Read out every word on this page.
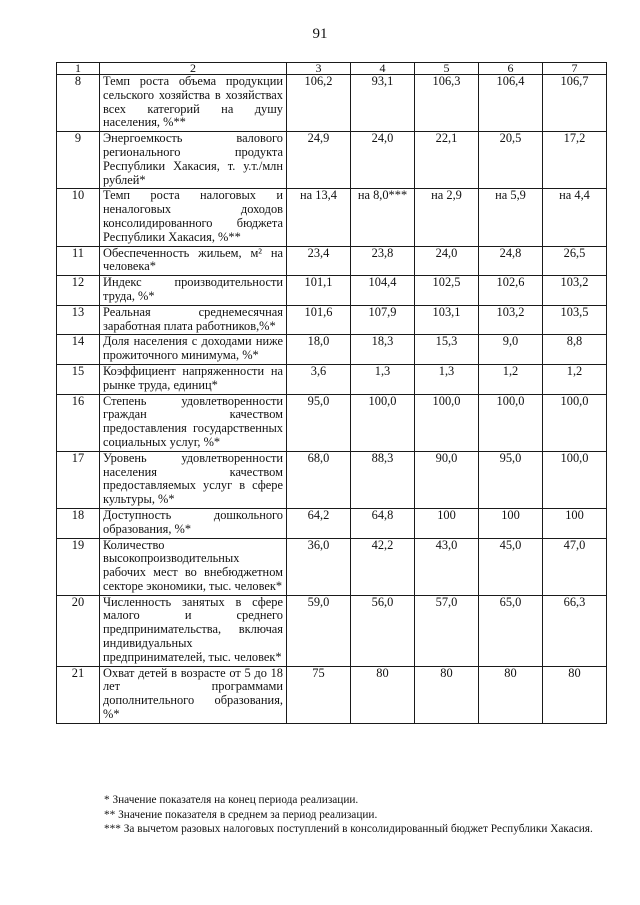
91
1	2	3	4	5	6	7
8	Темп роста объема продукции сельского хозяйства в хозяйствах всех категорий на душу населения, %**	106,2	93,1	106,3	106,4	106,7
9	Энергоемкость валового регионального продукта Республики Хакасия, т. у.т./млн рублей*	24,9	24,0	22,1	20,5	17,2
10	Темп роста налоговых и неналоговых доходов консолидированного бюджета Республики Хакасия, %**	на 13,4	на 8,0***	на 2,9	на 5,9	на 4,4
11	Обеспеченность жильем, м² на человека*	23,4	23,8	24,0	24,8	26,5
12	Индекс производительности труда, %*	101,1	104,4	102,5	102,6	103,2
13	Реальная среднемесячная заработная плата работников,%*	101,6	107,9	103,1	103,2	103,5
14	Доля населения с доходами ниже прожиточного минимума, %*	18,0	18,3	15,3	9,0	8,8
15	Коэффициент напряженности на рынке труда, единиц*	3,6	1,3	1,3	1,2	1,2
16	Степень удовлетворенности граждан качеством предоставления государственных социальных услуг, %*	95,0	100,0	100,0	100,0	100,0
17	Уровень удовлетворенности населения качеством предоставляемых услуг в сфере культуры, %*	68,0	88,3	90,0	95,0	100,0
18	Доступность дошкольного образования, %*	64,2	64,8	100	100	100
19	Количество высокопроизводительных рабочих мест во внебюджетном секторе экономики, тыс. человек*	36,0	42,2	43,0	45,0	47,0
20	Численность занятых в сфере малого и среднего предпринимательства, включая индивидуальных предпринимателей, тыс. человек*	59,0	56,0	57,0	65,0	66,3
21	Охват детей в возрасте от 5 до 18 лет программами дополнительного образования, %*	75	80	80	80	80
* Значение показателя на конец периода реализации.
** Значение показателя в среднем за период реализации.
*** За вычетом разовых налоговых поступлений в консолидированный бюджет Республики Хакасия.
